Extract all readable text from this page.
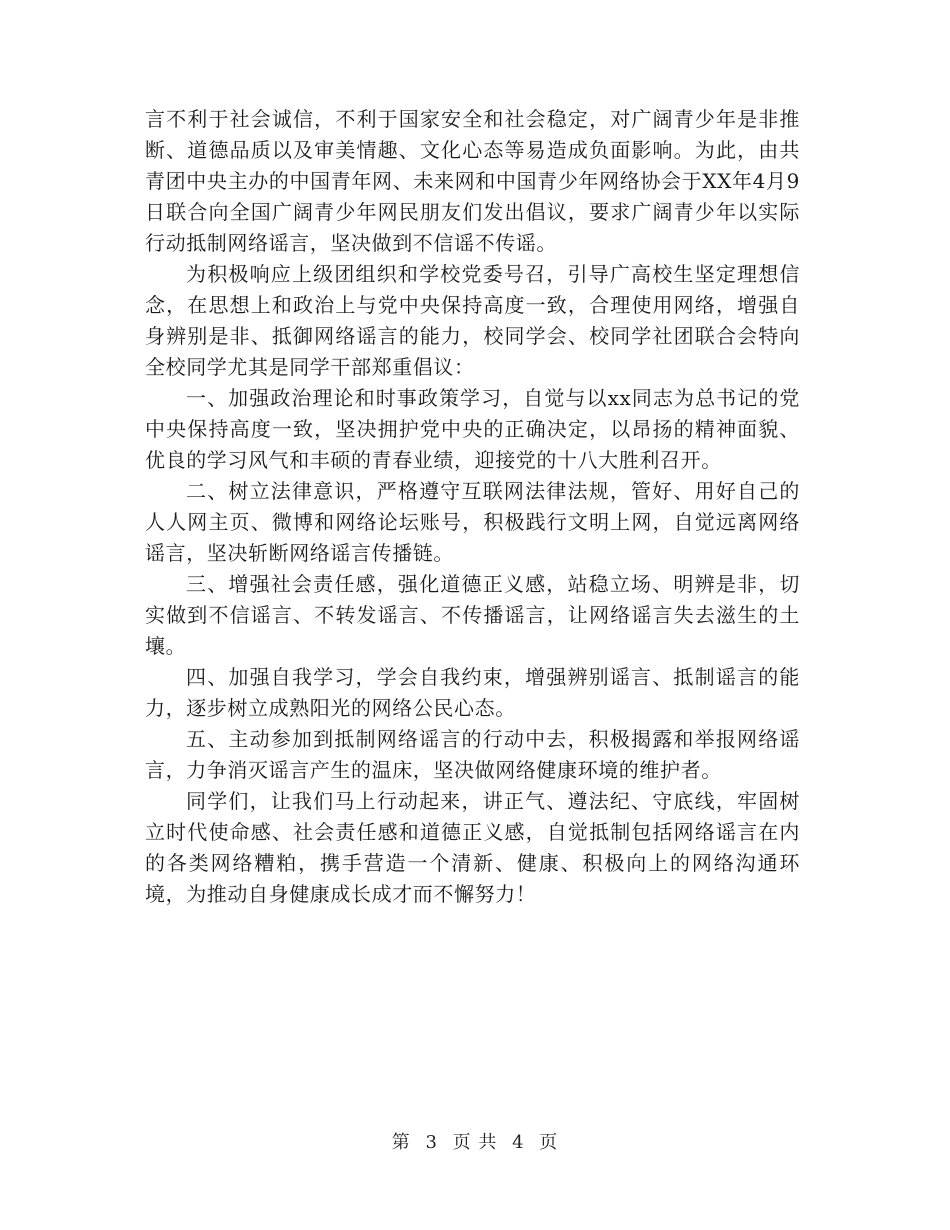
言不利于社会诚信，不利于国家安全和社会稳定，对广阔青少年是非推断、道德品质以及审美情趣、文化心态等易造成负面影响。为此，由共青团中央主办的中国青年网、未来网和中国青少年网络协会于XX年4月9日联合向全国广阔青少年网民朋友们发出倡议，要求广阔青少年以实际行动抵制网络谣言，坚决做到不信谣不传谣。

为积极响应上级团组织和学校党委号召，引导广高校生坚定理想信念，在思想上和政治上与党中央保持高度一致，合理使用网络，增强自身辨别是非、抵御网络谣言的能力，校同学会、校同学社团联合会特向全校同学尤其是同学干部郑重倡议：

一、加强政治理论和时事政策学习，自觉与以xx同志为总书记的党中央保持高度一致，坚决拥护党中央的正确决定，以昂扬的精神面貌、优良的学习风气和丰硕的青春业绩，迎接党的十八大胜利召开。

二、树立法律意识，严格遵守互联网法律法规，管好、用好自己的人人网主页、微博和网络论坛账号，积极践行文明上网，自觉远离网络谣言，坚决斩断网络谣言传播链。

三、增强社会责任感，强化道德正义感，站稳立场、明辨是非，切实做到不信谣言、不转发谣言、不传播谣言，让网络谣言失去滋生的土壤。

四、加强自我学习，学会自我约束，增强辨别谣言、抵制谣言的能力，逐步树立成熟阳光的网络公民心态。

五、主动参加到抵制网络谣言的行动中去，积极揭露和举报网络谣言，力争消灭谣言产生的温床，坚决做网络健康环境的维护者。

同学们，让我们马上行动起来，讲正气、遵法纪、守底线，牢固树立时代使命感、社会责任感和道德正义感，自觉抵制包括网络谣言在内的各类网络糟粕，携手营造一个清新、健康、积极向上的网络沟通环境，为推动自身健康成长成才而不懈努力！

第 3 页 共 4 页
